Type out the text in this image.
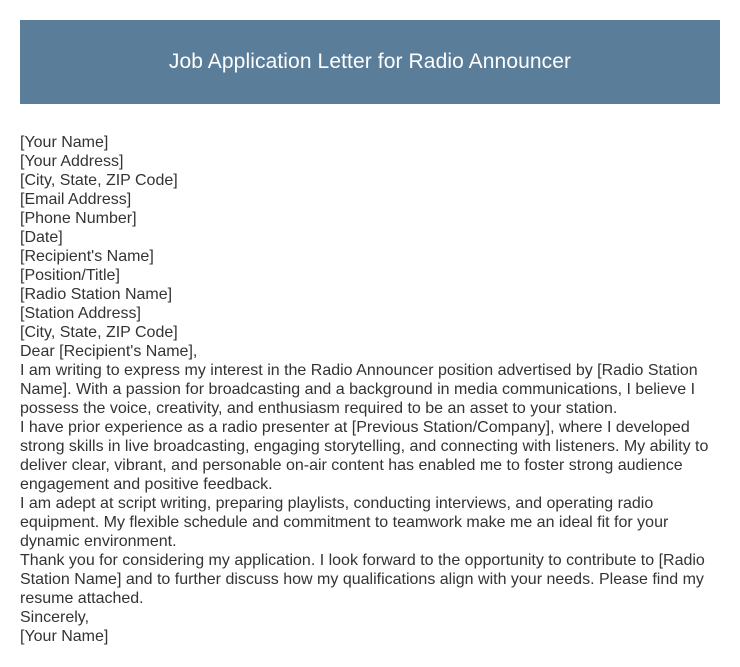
Job Application Letter for Radio Announcer

[Your Name]

[Your Address]

[City, State, ZIP Code]

[Email Address]

[Phone Number]

[Date]

[Recipient's Name]

[Position/Title]

[Radio Station Name]

[Station Address]

[City, State, ZIP Code]

Dear [Recipient's Name],

I am writing to express my interest in the Radio Announcer position advertised by [Radio Station Name]. With a passion for broadcasting and a background in media communications, I believe I possess the voice, creativity, and enthusiasm required to be an asset to your station.

I have prior experience as a radio presenter at [Previous Station/Company], where I developed strong skills in live broadcasting, engaging storytelling, and connecting with listeners. My ability to deliver clear, vibrant, and personable on-air content has enabled me to foster strong audience engagement and positive feedback.

I am adept at script writing, preparing playlists, conducting interviews, and operating radio equipment. My flexible schedule and commitment to teamwork make me an ideal fit for your dynamic environment.

Thank you for considering my application. I look forward to the opportunity to contribute to [Radio Station Name] and to further discuss how my qualifications align with your needs. Please find my resume attached.

Sincerely,

[Your Name]
